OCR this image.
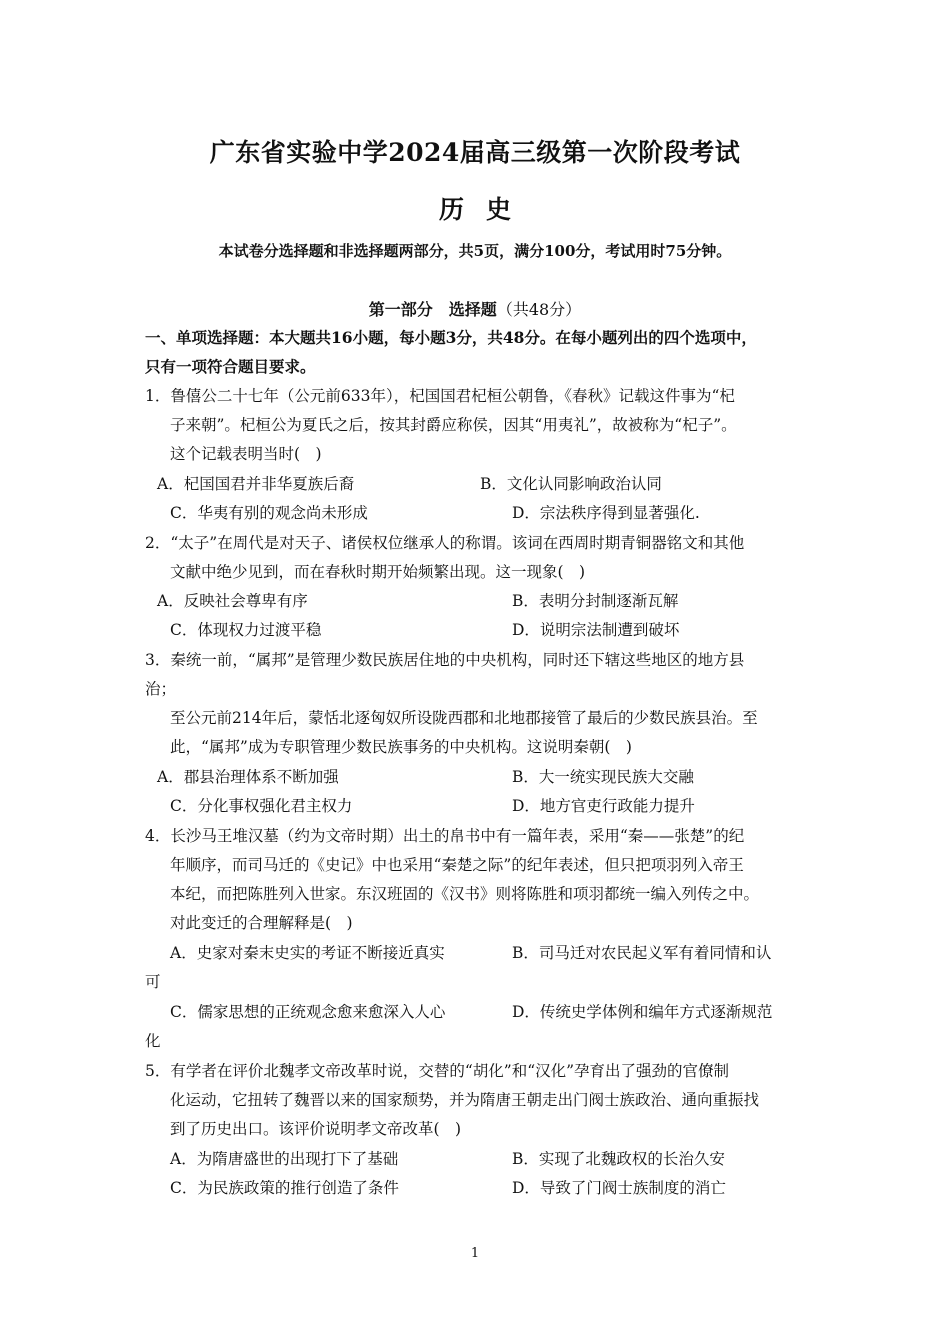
广东省实验中学2024届高三级第一次阶段考试
历史
本试卷分选择题和非选择题两部分，共5页，满分100分，考试用时75分钟。
第一部分　选择题（共48分）
一、单项选择题：本大题共16小题，每小题3分，共48分。在每小题列出的四个选项中，
只有一项符合题目要求。
1．鲁僖公二十七年（公元前633年），杞国国君杞桓公朝鲁，《春秋》记载这件事为“杞
子来朝”。杞桓公为夏氏之后，按其封爵应称侯，因其“用夷礼”，故被称为“杞子”。
这个记载表明当时(　)
A．杞国国君并非华夏族后裔	B．文化认同影响政治认同
C．华夷有别的观念尚未形成	D．宗法秩序得到显著强化.
2．“太子”在周代是对天子、诸侯权位继承人的称谓。该词在西周时期青铜器铭文和其他
文献中绝少见到，而在春秋时期开始频繁出现。这一现象(　)
A．反映社会尊卑有序	B．表明分封制逐渐瓦解
C．体现权力过渡平稳	D．说明宗法制遭到破坏
3．秦统一前，“属邦”是管理少数民族居住地的中央机构，同时还下辖这些地区的地方县
治；
至公元前214年后，蒙恬北逐匈奴所设陇西郡和北地郡接管了最后的少数民族县治。至
此，“属邦”成为专职管理少数民族事务的中央机构。这说明秦朝(　)
A．郡县治理体系不断加强	B．大一统实现民族大交融
C．分化事权强化君主权力	D．地方官吏行政能力提升
4．长沙马王堆汉墓（约为文帝时期）出土的帛书中有一篇年表，采用“秦——张楚”的纪
年顺序，而司马迁的《史记》中也采用“秦楚之际”的纪年表述，但只把项羽列入帝王
本纪，而把陈胜列入世家。东汉班固的《汉书》则将陈胜和项羽都统一编入列传之中。
对此变迁的合理解释是(　)
A．史家对秦末史实的考证不断接近真实	B．司马迁对农民起义军有着同情和认
可
C．儒家思想的正统观念愈来愈深入人心	D．传统史学体例和编年方式逐渐规范
化
5．有学者在评价北魏孝文帝改革时说，交替的“胡化”和“汉化”孕育出了强劲的官僚制
化运动，它扭转了魏晋以来的国家颓势，并为隋唐王朝走出门阀士族政治、通向重振找
到了历史出口。该评价说明孝文帝改革(　)
A．为隋唐盛世的出现打下了基础	B．实现了北魏政权的长治久安
C．为民族政策的推行创造了条件	D．导致了门阀士族制度的消亡
1
